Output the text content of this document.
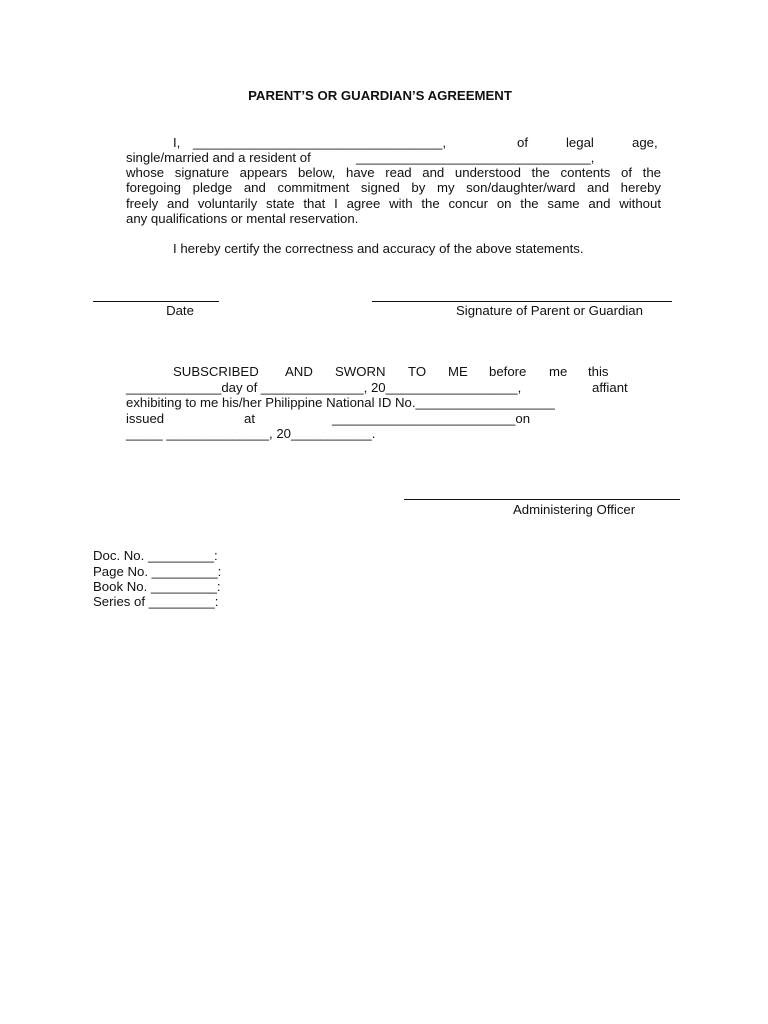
PARENT’S OR GUARDIAN’S AGREEMENT
I, __________________________________,	of	legal	age,
single/married and a resident of	________________________________,
whose signature appears below, have read and understood the contents of the
foregoing pledge and commitment signed by my son/daughter/ward and hereby
freely and voluntarily state that I agree with the concur on the same and without
any qualifications or mental reservation.
I hereby certify the correctness and accuracy of the above statements.
Date	Signature of Parent or Guardian
SUBSCRIBED AND SWORN TO ME before me this
_____________day of ______________, 20__________________,	affiant
exhibiting to me his/her Philippine National ID No.___________________
issued	at	_________________________on
_____ ______________, 20___________.
Administering Officer
Doc. No. _________:
Page No. _________:
Book No. _________:
Series of _________:
